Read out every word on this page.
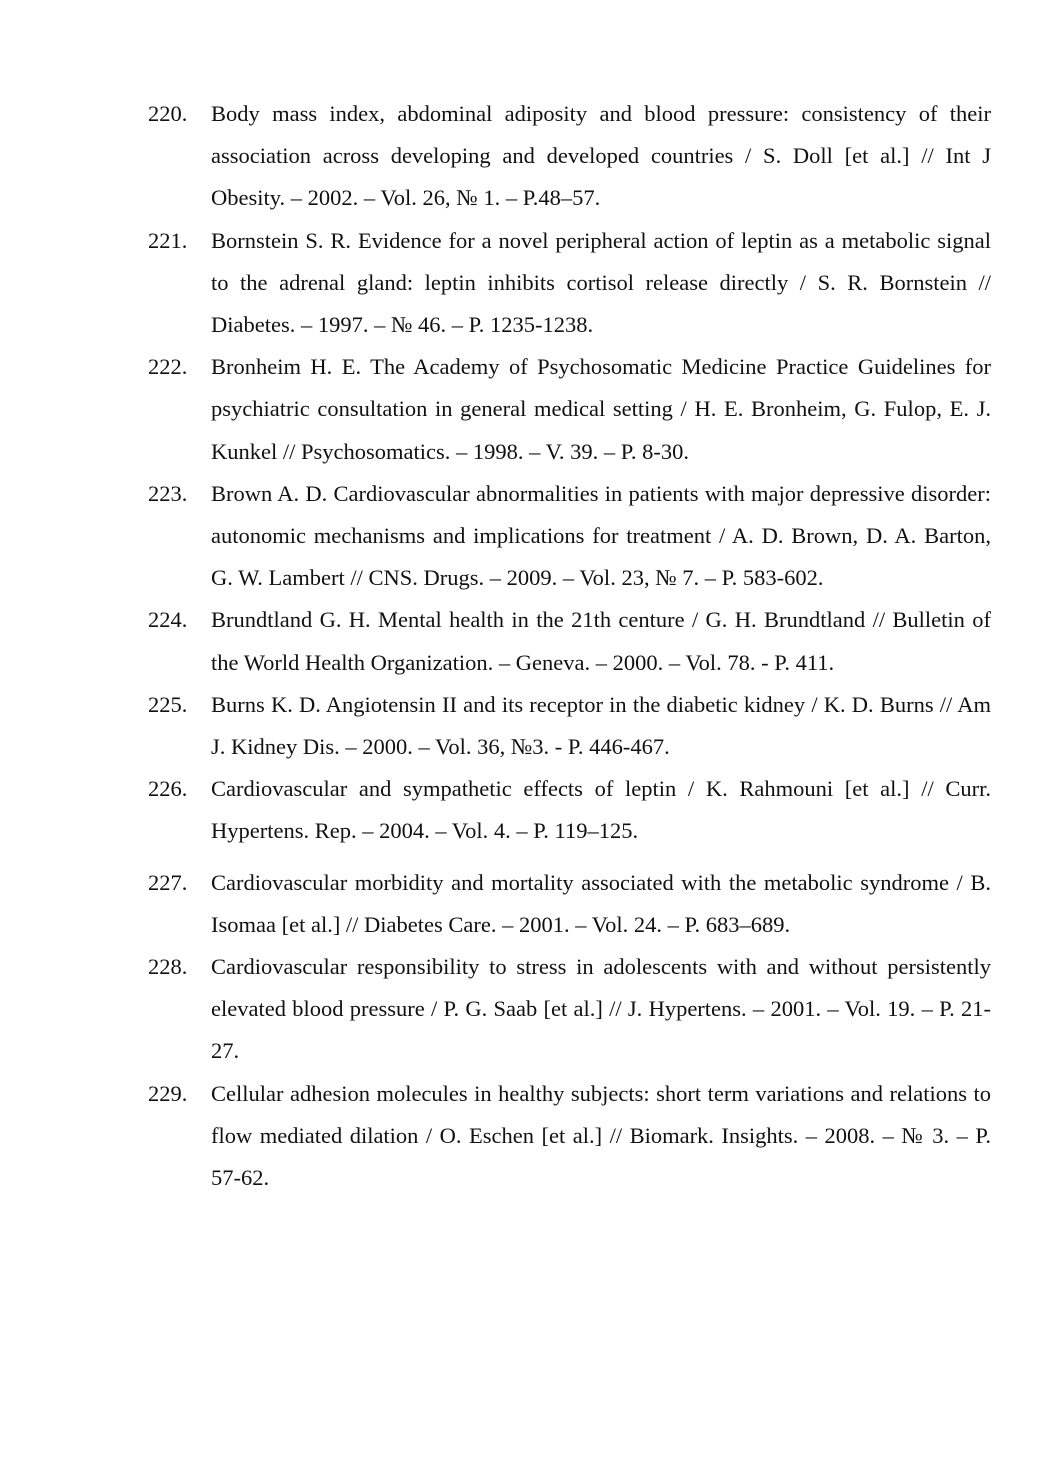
220.	Body mass index, abdominal adiposity and blood pressure: consistency of their association across developing and developed countries / S. Doll [et al.] // Int J Obesity. – 2002. – Vol. 26, № 1. – P.48–57.

221.	Bornstein S. R. Evidence for a novel peripheral action of leptin as a metabolic signal to the adrenal gland: leptin inhibits cortisol release directly / S. R. Bornstein // Diabetes. – 1997. – № 46. – P. 1235-1238.

222.	Bronheim H. E. The Academy of Psychosomatic Medicine Practice Guidelines for psychiatric consultation in general medical setting / H. E. Bronheim, G. Fulop, E. J. Kunkel // Psychosomatics. – 1998. – V. 39. – P. 8-30.

223.	Brown A. D. Cardiovascular abnormalities in patients with major depressive disorder: autonomic mechanisms and implications for treatment / A. D. Brown, D. A. Barton, G. W. Lambert // CNS. Drugs. – 2009. – Vol. 23, № 7. – P. 583-602.

224.	Brundtland G. H. Mental health in the 21th centure / G. H. Brundtland // Bulletin of the World Health Organization. – Geneva. – 2000. – Vol. 78. - P. 411.

225.	Burns K. D. Angiotensin II and its receptor in the diabetic kidney / K. D. Burns // Am J. Kidney Dis. – 2000. – Vol. 36, №3. - P. 446-467.

226.	Cardiovascular and sympathetic effects of leptin / K. Rahmouni [et al.] // Curr. Hypertens. Rep. – 2004. – Vol. 4. – P. 119–125.

227.	Cardiovascular morbidity and mortality associated with the metabolic syndrome / B. Isomaa [et al.] // Diabetes Care. – 2001. – Vol. 24. – P. 683–689.

228.	Cardiovascular responsibility to stress in adolescents with and without persistently elevated blood pressure / P. G. Saab [et al.] // J. Hypertens. – 2001. – Vol. 19. – P. 21-27.

229.	Cellular adhesion molecules in healthy subjects: short term variations and relations to flow mediated dilation / O. Eschen [et al.] // Biomark. Insights. – 2008. – № 3. – P. 57-62.
